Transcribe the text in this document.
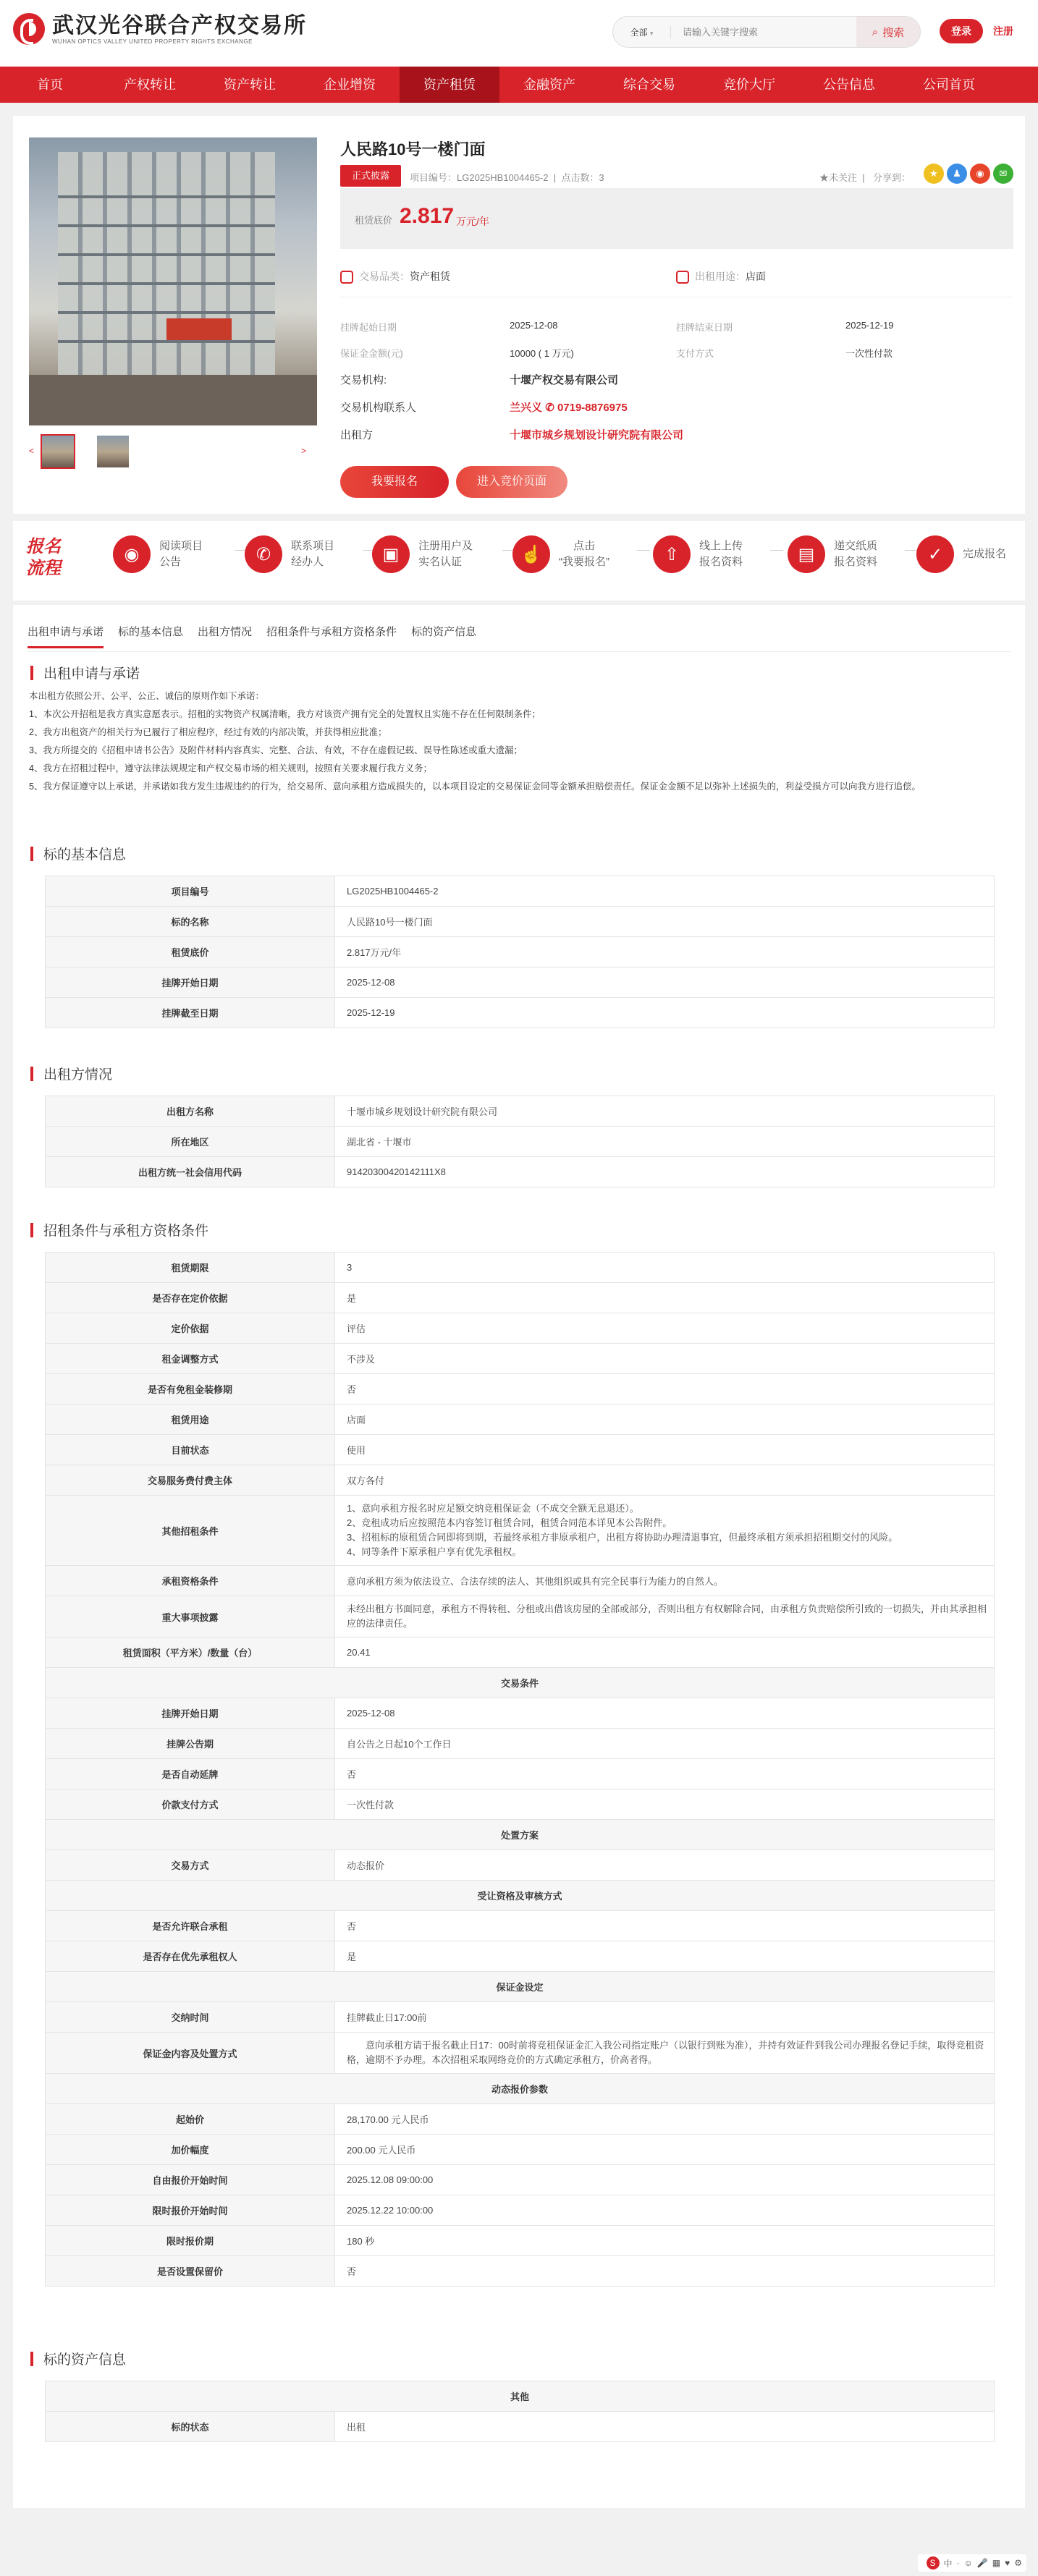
武汉光谷联合产权交易所
WUHAN OPTICS VALLEY UNITED PROPERTY RIGHTS EXCHANGE
全部 ▾
请输入关键字搜索	⌕ 搜索	登录	注册
首页	产权转让	资产转让	企业增资	资产租赁	金融资产	综合交易	竞价大厅	公告信息	公司首页
<	>
人民路10号一楼门面
正式披露	项目编号：LG2025HB1004465-2  |  点击数：3	★未关注  | 分享到：	★	♟	◉	✉
租赁底价 2.817 万元/年
交易品类：资产租赁	出租用途：店面
挂牌起始日期	2025-12-08	挂牌结束日期	2025-12-19
保证金金额(元)	10000 ( 1 万元)	支付方式	一次性付款
交易机构:	十堰产权交易有限公司
交易机构联系人	兰兴义 ✆ 0719-8876975
出租方	十堰市城乡规划设计研究院有限公司
我要报名	进入竞价页面
报名
流程
◉	阅读项目
公告	✆	联系项目
经办人	▣	注册用户及
实名认证	☝	点击
“我要报名”	⇧	线上上传
报名资料	▤	递交纸质
报名资料	✓	完成报名
出租申请与承诺 标的基本信息 出租方情况 招租条件与承租方资格条件 标的资产信息
出租申请与承诺
本出租方依照公开、公平、公正、诚信的原则作如下承诺：
1、本次公开招租是我方真实意愿表示。招租的实物资产权属清晰，我方对该资产拥有完全的处置权且实施不存在任何限制条件；
2、我方出租资产的相关行为已履行了相应程序，经过有效的内部决策，并获得相应批准；
3、我方所提交的《招租申请书公告》及附件材料内容真实、完整、合法、有效，不存在虚假记载、误导性陈述或重大遗漏；
4、我方在招租过程中，遵守法律法规规定和产权交易市场的相关规则，按照有关要求履行我方义务；
5、我方保证遵守以上承诺，并承诺如我方发生违规违约的行为，给交易所、意向承租方造成损失的，以本项目设定的交易保证金同等金额承担赔偿责任。保证金金额不足以弥补上述损失的，利益受损方可以向我方进行追偿。
标的基本信息
项目编号	LG2025HB1004465-2
标的名称	人民路10号一楼门面
租赁底价	2.817万元/年
挂牌开始日期	2025-12-08
挂牌截至日期	2025-12-19
出租方情况
出租方名称	十堰市城乡规划设计研究院有限公司
所在地区	湖北省 - 十堰市
出租方统一社会信用代码	91420300420142111X8
招租条件与承租方资格条件
租赁期限	3
是否存在定价依据	是
定价依据	评估
租金调整方式	不涉及
是否有免租金装修期	否
租赁用途	店面
目前状态	使用
交易服务费付费主体	双方各付
其他招租条件	1、意向承租方报名时应足额交纳竞租保证金（不成交全额无息退还）。
2、竞租成功后应按照范本内容签订租赁合同，租赁合同范本详见本公告附件。
3、招租标的原租赁合同即将到期，若最终承租方非原承租户，出租方将协助办理清退事宜，但最终承租方须承担招租期交付的风险。
4、同等条件下原承租户享有优先承租权。

承租资格条件	意向承租方须为依法设立、合法存续的法人、其他组织或具有完全民事行为能力的自然人。
重大事项披露	未经出租方书面同意，承租方不得转租、分租或出借该房屋的全部或部分，否则出租方有权解除合同，由承租方负责赔偿所引致的一切损失，并由其承担相应的法律责任。
租赁面积（平方米）/数量（台）	20.41
交易条件	
挂牌开始日期	2025-12-08
挂牌公告期	自公告之日起10个工作日
是否自动延牌	否
价款支付方式	一次性付款
处置方案	
交易方式	动态报价
受让资格及审核方式	
是否允许联合承租	否
是否存在优先承租权人	是
保证金设定	
交纳时间	挂牌截止日17:00前
保证金内容及处置方式	意向承租方请于报名截止日17：00时前将竞租保证金汇入我公司指定账户（以银行到账为准），并持有效证件到我公司办理报名登记手续，取得竞租资格，逾期不予办理。本次招租采取网络竞价的方式确定承租方，价高者得。
动态报价参数	
起始价	28,170.00 元人民币
加价幅度	200.00 元人民币
自由报价开始时间	2025.12.08 09:00:00
限时报价开始时间	2025.12.22 10:00:00
限时报价期	180 秒
是否设置保留价	否
标的资产信息
其他
标的状态	出租
S 中 · ☺ 🎤 ▦ ♥ ⚙
